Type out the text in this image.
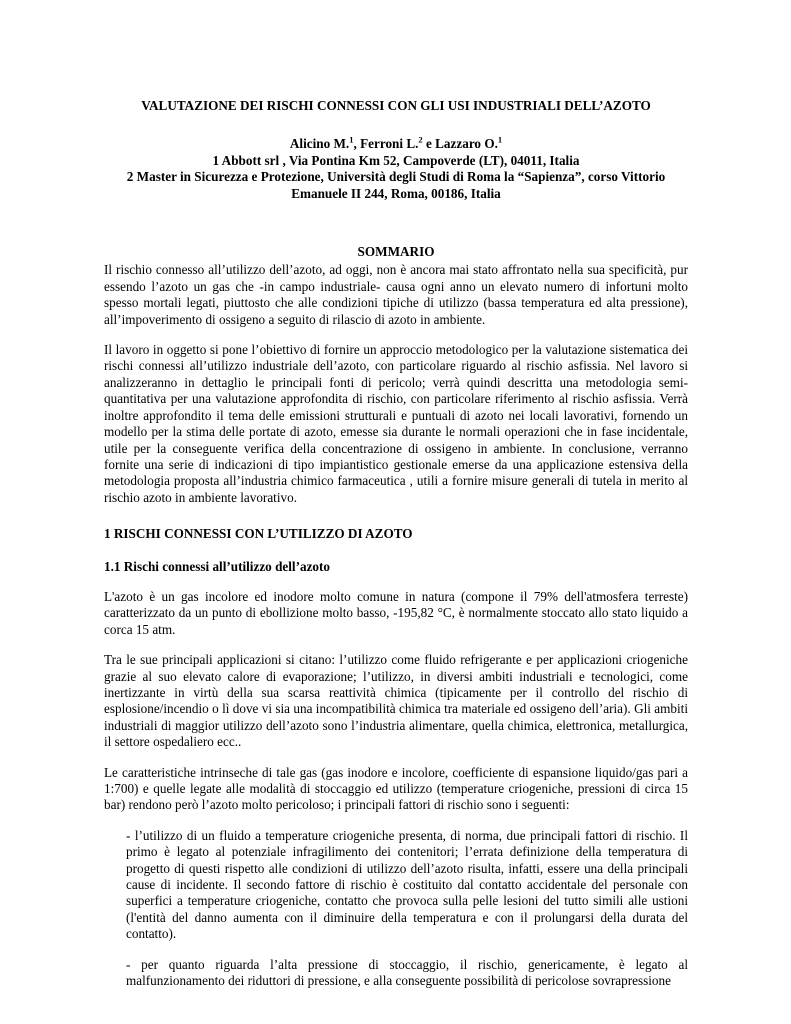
VALUTAZIONE DEI RISCHI CONNESSI CON GLI USI INDUSTRIALI DELL’AZOTO
Alicino M.$^1$, Ferroni L.$^2$ e Lazzaro O.$^1$
1 Abbott srl , Via Pontina Km 52, Campoverde (LT), 04011, Italia
2 Master in Sicurezza e Protezione, Università degli Studi di Roma la “Sapienza”, corso Vittorio Emanuele II 244, Roma, 00186, Italia
SOMMARIO

Il rischio connesso all’utilizzo dell’azoto, ad oggi, non è ancora mai stato affrontato nella sua specificità, pur essendo l’azoto un gas che -in campo industriale- causa ogni anno un elevato numero di infortuni molto spesso mortali legati, piuttosto che alle condizioni tipiche di utilizzo (bassa temperatura ed alta pressione), all’impoverimento di ossigeno a seguito di rilascio di azoto in ambiente.

Il lavoro in oggetto si pone l’obiettivo di fornire un approccio metodologico per la valutazione sistematica dei rischi connessi all’utilizzo industriale dell’azoto, con particolare riguardo al rischio asfissia. Nel lavoro si analizzeranno in dettaglio le principali fonti di pericolo; verrà quindi descritta una metodologia semi-quantitativa per una valutazione approfondita di rischio, con particolare riferimento al rischio asfissia. Verrà inoltre approfondito il tema delle emissioni strutturali e puntuali di azoto nei locali lavorativi, fornendo un modello per la stima delle portate di azoto, emesse sia durante le normali operazioni che in fase incidentale, utile per la conseguente verifica della concentrazione di ossigeno in ambiente. In conclusione, verranno fornite una serie di indicazioni di tipo impiantistico gestionale emerse da una applicazione estensiva della metodologia proposta all’industria chimico farmaceutica , utili a fornire misure generali di tutela in merito al rischio azoto in ambiente lavorativo.

1 RISCHI CONNESSI CON L’UTILIZZO DI AZOTO
1.1 Rischi connessi all’utilizzo dell’azoto

L'azoto è un gas incolore ed inodore molto comune in natura (compone il 79% dell'atmosfera terreste) caratterizzato da un punto di ebollizione molto basso, -195,82 °C, è normalmente stoccato allo stato liquido a corca 15 atm.

Tra le sue principali applicazioni si citano: l’utilizzo come fluido refrigerante e per applicazioni criogeniche grazie al suo elevato calore di evaporazione; l’utilizzo, in diversi ambiti industriali e tecnologici, come inertizzante in virtù della sua scarsa reattività chimica (tipicamente per il controllo del rischio di esplosione/incendio o lì dove vi sia una incompatibilità chimica tra materiale ed ossigeno dell’aria). Gli ambiti industriali di maggior utilizzo dell’azoto sono l’industria alimentare, quella chimica, elettronica, metallurgica, il settore ospedaliero ecc..

Le caratteristiche intrinseche di tale gas (gas inodore e incolore, coefficiente di espansione liquido/gas pari a 1:700) e quelle legate alle modalità di stoccaggio ed utilizzo (temperature criogeniche, pressioni di circa 15 bar) rendono però l’azoto molto pericoloso; i principali fattori di rischio sono i seguenti:

- l’utilizzo di un fluido a temperature criogeniche presenta, di norma, due principali fattori di rischio. Il primo è legato al potenziale infragilimento dei contenitori; l’errata definizione della temperatura di progetto di questi rispetto alle condizioni di utilizzo dell’azoto risulta, infatti, essere una della principali cause di incidente. Il secondo fattore di rischio è costituito dal contatto accidentale del personale con superfici a temperature criogeniche, contatto che provoca sulla pelle lesioni del tutto simili alle ustioni (l'entità del danno aumenta con il diminuire della temperatura e con il prolungarsi della durata del contatto).

- per quanto riguarda l’alta pressione di stoccaggio, il rischio, genericamente, è legato al malfunzionamento dei riduttori di pressione, e alla conseguente possibilità di pericolose sovrapressione
